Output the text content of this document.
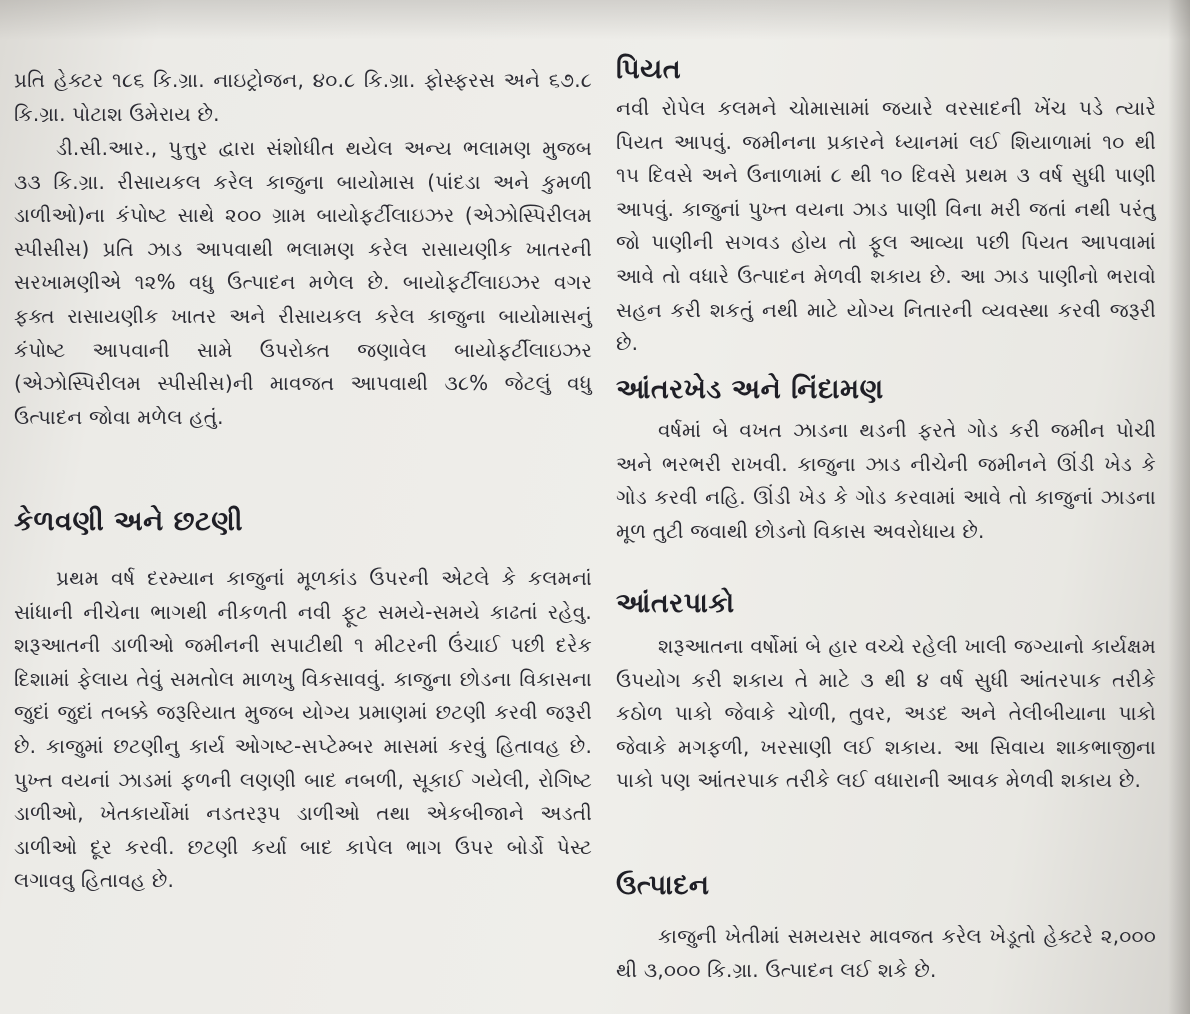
પ્રતિ હેક્ટર ૧૮૬ કિ.ગ્રા. નાઇટ્રોજન, ૪૦.૮ કિ.ગ્રા. ફોસ્ફરસ અને ૬૭.૮ કિ.ગ્રા. પોટાશ ઉમેરાય છે.

ડી.સી.આર., પુત્તુર દ્વારા સંશોધીત થયેલ અન્ય ભલામણ મુજબ ૩૩ કિ.ગ્રા. રીસાયકલ કરેલ કાજુના બાયોમાસ (પાંદડા અને કુમળી ડાળીઓ)ના કંપોષ્ટ સાથે ૨૦૦ ગ્રામ બાયોફર્ટીલાઇઝર (એઝોસ્પિરીલમ સ્પીસીસ) પ્રતિ ઝાડ આપવાથી ભલામણ કરેલ રાસાયણીક ખાતરની સરખામણીએ ૧૨% વધુ ઉત્પાદન મળેલ છે. બાયોફર્ટીલાઇઝર વગર ફક્ત રાસાયણીક ખાતર અને રીસાયકલ કરેલ કાજુના બાયોમાસનું કંપોષ્ટ આપવાની સામે ઉપરોક્ત જણાવેલ બાયોફર્ટીલાઇઝર (એઝોસ્પિરીલમ સ્પીસીસ)ની માવજત આપવાથી ૩૮% જેટલું વધુ ઉત્પાદન જોવા મળેલ હતું.

કેળવણી અને છટણી

પ્રથમ વર્ષ દરમ્યાન કાજુનાં મૂળકાંડ ઉપરની એટલે કે કલમનાં સાંધાની નીચેના ભાગથી નીકળતી નવી ફૂટ સમયે-સમયે કાઢતાં રહેવુ. શરૂઆતની ડાળીઓ જમીનની સપાટીથી ૧ મીટરની ઉંચાઈ પછી દરેક દિશામાં ફેલાય તેવું સમતોલ માળખુ વિકસાવવું. કાજુના છોડના વિકાસના જુદાં જુદાં તબક્કે જરૂરિયાત મુજબ યોગ્ય પ્રમાણમાં છટણી કરવી જરૂરી છે. કાજુમાં છટણીનુ કાર્ય ઓગષ્ટ-સપ્ટેમ્બર માસમાં કરવું હિતાવહ છે. પુખ્ત વયનાં ઝાડમાં ફળની લણણી બાદ નબળી, સૂકાઈ ગયેલી, રોગિષ્ટ ડાળીઓ, ખેતકાર્યોમાં નડતરરૂપ ડાળીઓ તથા એકબીજાને અડતી ડાળીઓ દૂર કરવી. છટણી કર્યા બાદ કાપેલ ભાગ ઉપર બોર્ડો પેસ્ટ લગાવવુ હિતાવહ છે.

પિયત

નવી રોપેલ કલમને ચોમાસામાં જયારે વરસાદની ખેંચ પડે ત્યારે પિયત આપવું. જમીનના પ્રકારને ધ્યાનમાં લઈ શિયાળામાં ૧૦ થી ૧૫ દિવસે અને ઉનાળામાં ૮ થી ૧૦ દિવસે પ્રથમ ૩ વર્ષ સુધી પાણી આપવું. કાજુનાં પુખ્ત વયના ઝાડ પાણી વિના મરી જતાં નથી પરંતુ જો પાણીની સગવડ હોય તો ફૂલ આવ્યા પછી પિયત આપવામાં આવે તો વધારે ઉત્પાદન મેળવી શકાય છે. આ ઝાડ પાણીનો ભરાવો સહન કરી શકતું નથી માટે યોગ્ય નિતારની વ્યવસ્થા કરવી જરૂરી છે.

આંતરખેડ અને નિંદામણ

વર્ષમાં બે વખત ઝાડના થડની ફરતે ગોડ કરી જમીન પોચી અને ભરભરી રાખવી. કાજુના ઝાડ નીચેની જમીનને ઊંડી ખેડ કે ગોડ કરવી નહિ. ઊંડી ખેડ કે ગોડ કરવામાં આવે તો કાજુનાં ઝાડના મૂળ તુટી જવાથી છોડનો વિકાસ અવરોધાય છે.

આંતરપાકો

શરૂઆતના વર્ષોમાં બે હાર વચ્ચે રહેલી ખાલી જગ્યાનો કાર્યક્ષમ ઉપયોગ કરી શકાય તે માટે ૩ થી ૪ વર્ષ સુધી આંતરપાક તરીકે કઠોળ પાકો જેવાકે ચોળી, તુવર, અડદ અને તેલીબીયાના પાકો જેવાકે મગફળી, ખરસાણી લઈ શકાય. આ સિવાય શાકભાજીના પાકો પણ આંતરપાક તરીકે લઈ વધારાની આવક મેળવી શકાય છે.

ઉત્પાદન

કાજુની ખેતીમાં સમયસર માવજત કરેલ ખેડૂતો હેક્ટરે ૨,૦૦૦ થી ૩,૦૦૦ કિ.ગ્રા. ઉત્પાદન લઈ શકે છે.
